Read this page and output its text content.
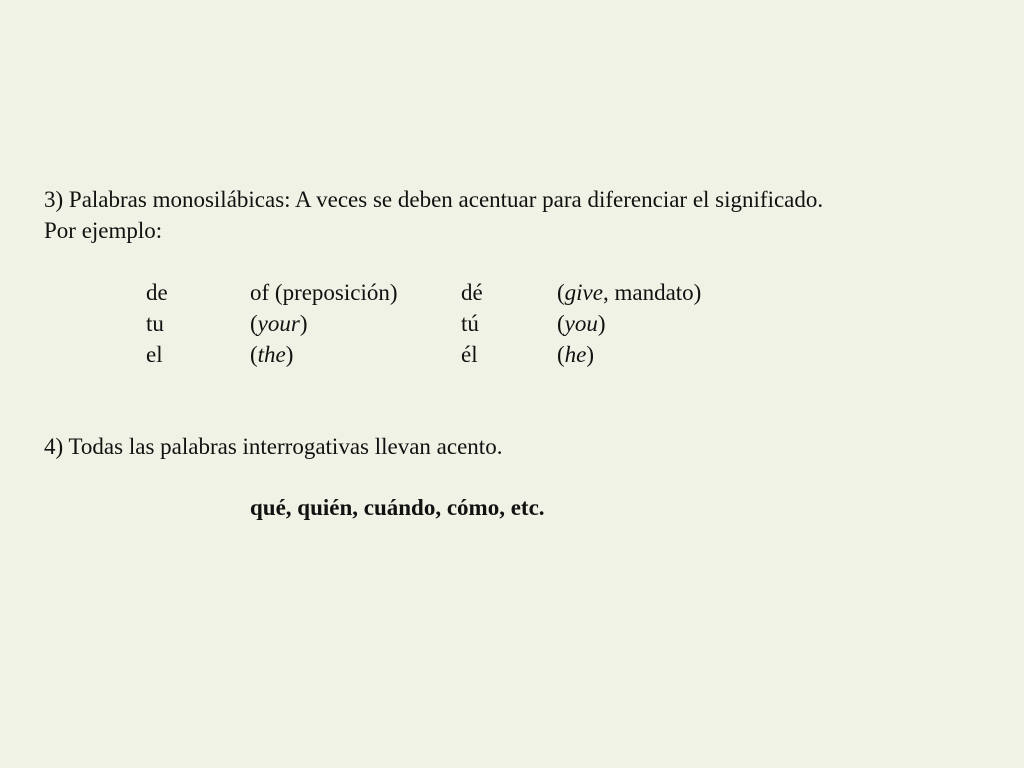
3) Palabras monosilábicas: A veces se deben acentuar para diferenciar el significado.
Por ejemplo:
de	of (preposición)	dé	(give, mandato)
tu	(your)	tú	(you)
el	(the)	él	(he)
4) Todas las palabras interrogativas llevan acento.
qué, quién, cuándo, cómo, etc.
